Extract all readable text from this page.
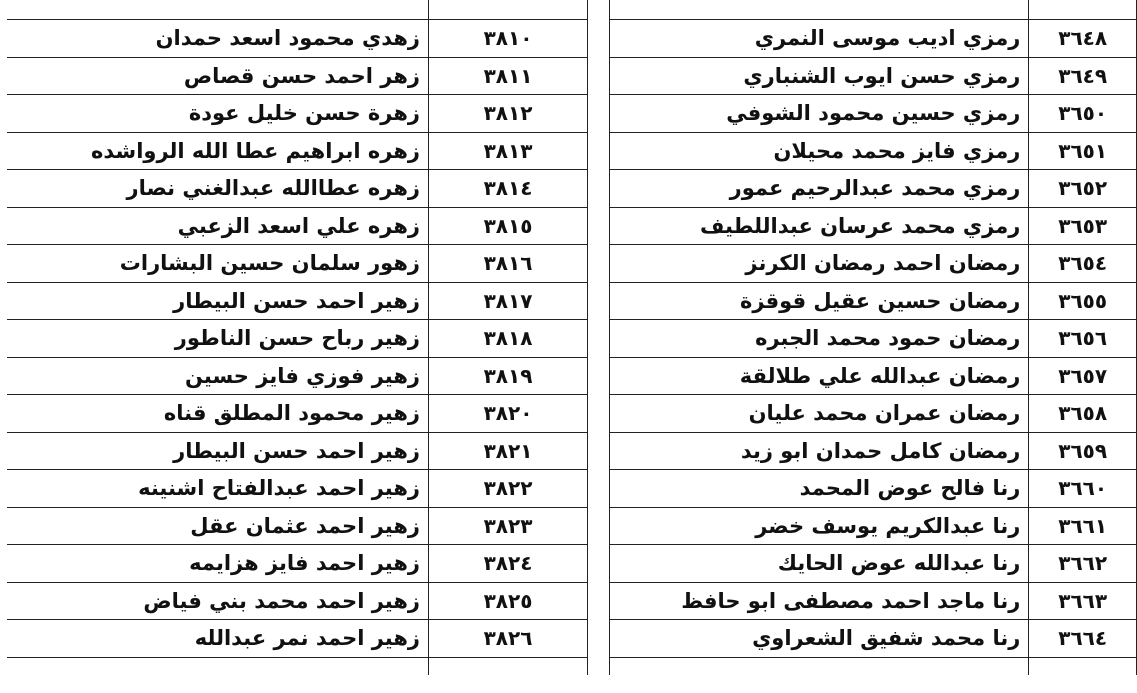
زهدي محمود اسعد حمدان	٣٨١٠
زهر احمد حسن قصاص	٣٨١١
زهرة حسن خليل عودة	٣٨١٢
زهره ابراهيم عطا الله الرواشده	٣٨١٣
زهره عطاالله عبدالغني نصار	٣٨١٤
زهره علي اسعد الزعبي	٣٨١٥
زهور سلمان حسين البشارات	٣٨١٦
زهير احمد حسن البيطار	٣٨١٧
زهير رباح حسن الناطور	٣٨١٨
زهير فوزي فايز حسين	٣٨١٩
زهير محمود المطلق قناه	٣٨٢٠
زهير احمد حسن البيطار	٣٨٢١
زهير احمد عبدالفتاح اشنينه	٣٨٢٢
زهير احمد عثمان عقل	٣٨٢٣
زهير احمد فايز هزايمه	٣٨٢٤
زهير احمد محمد بني فياض	٣٨٢٥
زهير احمد نمر عبدالله	٣٨٢٦

رمزي اديب موسى النمري	٣٦٤٨
رمزي حسن ايوب الشنباري	٣٦٤٩
رمزي حسين محمود الشوفي	٣٦٥٠
رمزي فايز محمد محيلان	٣٦٥١
رمزي محمد عبدالرحيم عمور	٣٦٥٢
رمزي محمد عرسان عبداللطيف	٣٦٥٣
رمضان احمد رمضان الكرنز	٣٦٥٤
رمضان حسين عقيل قوقزة	٣٦٥٥
رمضان حمود محمد الجبره	٣٦٥٦
رمضان عبدالله علي طلالقة	٣٦٥٧
رمضان عمران محمد عليان	٣٦٥٨
رمضان كامل حمدان ابو زيد	٣٦٥٩
رنا فالح عوض المحمد	٣٦٦٠
رنا عبدالكريم يوسف خضر	٣٦٦١
رنا عبدالله عوض الحايك	٣٦٦٢
رنا ماجد احمد مصطفى ابو حافظ	٣٦٦٣
رنا محمد شفيق الشعراوي	٣٦٦٤
